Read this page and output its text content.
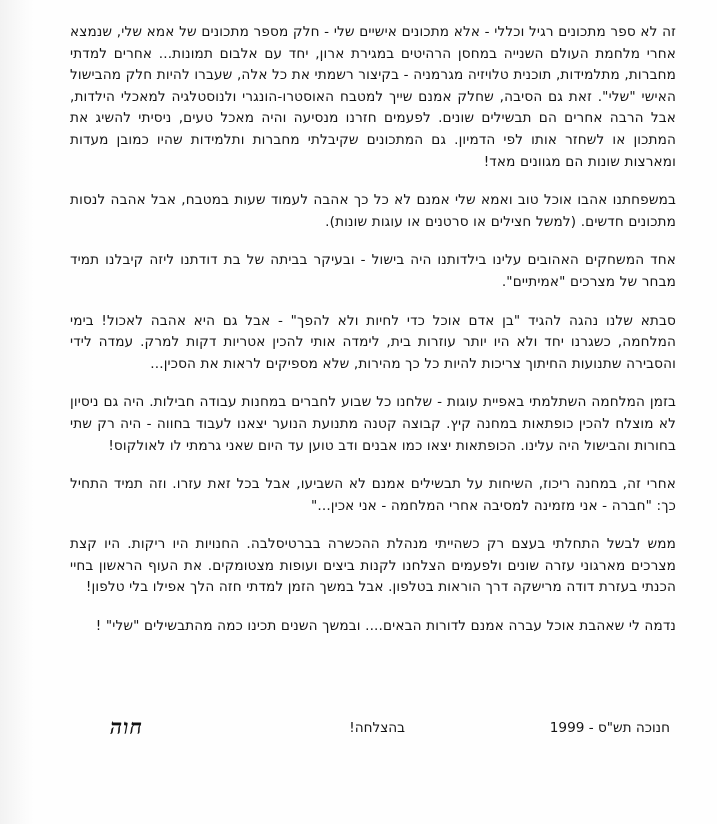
זה לא ספר מתכונים רגיל וכללי - אלא מתכונים אישיים שלי - חלק מספר מתכונים של אמא שלי, שנמצא אחרי מלחמת העולם השנייה במחסן הרהיטים במגירת ארון, יחד עם אלבום תמונות... אחרים למדתי מחברות, מתלמידות, תוכנית טלויזיה מגרמניה - בקיצור רשמתי את כל אלה, שעברו להיות חלק מהבישול האישי "שלי". זאת גם הסיבה, שחלק אמנם שייך למטבח האוסטרו-הונגרי ולנוסטלגיה למאכלי הילדות, אבל הרבה אחרים הם תבשילים שונים. לפעמים חזרנו מנסיעה והיה מאכל טעים, ניסיתי להשיג את המתכון או לשחזר אותו לפי הדמיון. גם המתכונים שקיבלתי מחברות ותלמידות שהיו כמובן מעדות ומארצות שונות הם מגוונים מאד!

במשפחתנו אהבו אוכל טוב ואמא שלי אמנם לא כל כך אהבה לעמוד שעות במטבח, אבל אהבה לנסות מתכונים חדשים. (למשל חצילים או סרטנים או עוגות שונות).

אחד המשחקים האהובים עלינו בילדותנו היה בישול - ובעיקר בביתה של בת דודתנו ליזה קיבלנו תמיד מבחר של מצרכים "אמיתיים".

סבתא שלנו נהגה להגיד "בן אדם אוכל כדי לחיות ולא להפך" - אבל גם היא אהבה לאכול! בימי המלחמה, כשגרנו יחד ולא היו יותר עוזרות בית, לימדה אותי להכין אטריות דקות למרק. עמדה לידי והסבירה שתנועות החיתוך צריכות להיות כל כך מהירות, שלא מספיקים לראות את הסכין...

בזמן המלחמה השתלמתי באפיית עוגות - שלחנו כל שבוע לחברים במחנות עבודה חבילות. היה גם ניסיון לא מוצלח להכין כופתאות במחנה קיץ. קבוצה קטנה מתנועת הנוער יצאנו לעבוד בחווה - היה רק שתי בחורות והבישול היה עלינו. הכופתאות יצאו כמו אבנים ודב טוען עד היום שאני גרמתי לו לאולקוס!

אחרי זה, במחנה ריכוז, השיחות על תבשילים אמנם לא השביעו, אבל בכל זאת עזרו. וזה תמיד התחיל כך: "חברה - אני מזמינה למסיבה אחרי המלחמה - אני אכין..."

ממש לבשל התחלתי בעצם רק כשהייתי מנהלת ההכשרה בברטיסלבה. החנויות היו ריקות. היו קצת מצרכים מארגוני עזרה שונים ולפעמים הצלחנו לקנות ביצים ועופות מצטומקים. את העוף הראשון בחיי הכנתי בעזרת דודה מרישקה דרך הוראות בטלפון. אבל במשך הזמן למדתי חזה הלך אפילו בלי טלפון!

נדמה לי שאהבת אוכל עברה אמנם לדורות הבאים.... ובמשך השנים תכינו כמה מהתבשילים "שלי" !

חנוכה תש"ס - 1999
בהצלחה!
חוה
